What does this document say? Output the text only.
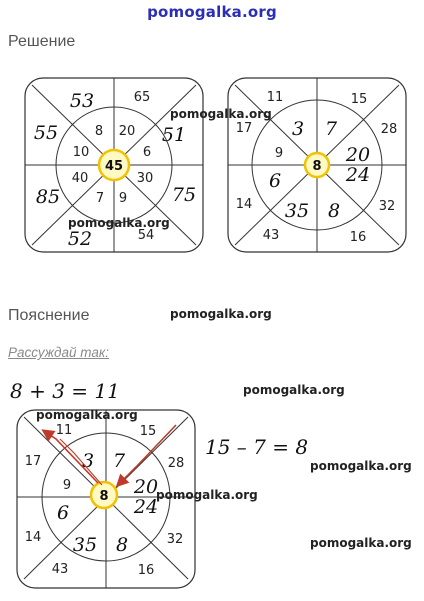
pomogalka.org
Решение
45
53	65
51
75
54
52
85
55	8 20
6
30
9
7
40
10
8
11	15
28
32
16
43
14
17 3 7
20
24
8
35
6
9
Пояснение
Рассуждай так:
8 + 3 = 11
15 – 7 = 8
8
11	15
28
32
16
43
14
17 3 7
20
24
8
35
6
9
pomogalka.org
pomogalka.org
pomogalka.org
pomogalka.org
pomogalka.org
pomogalka.org
pomogalka.org
pomogalka.org
